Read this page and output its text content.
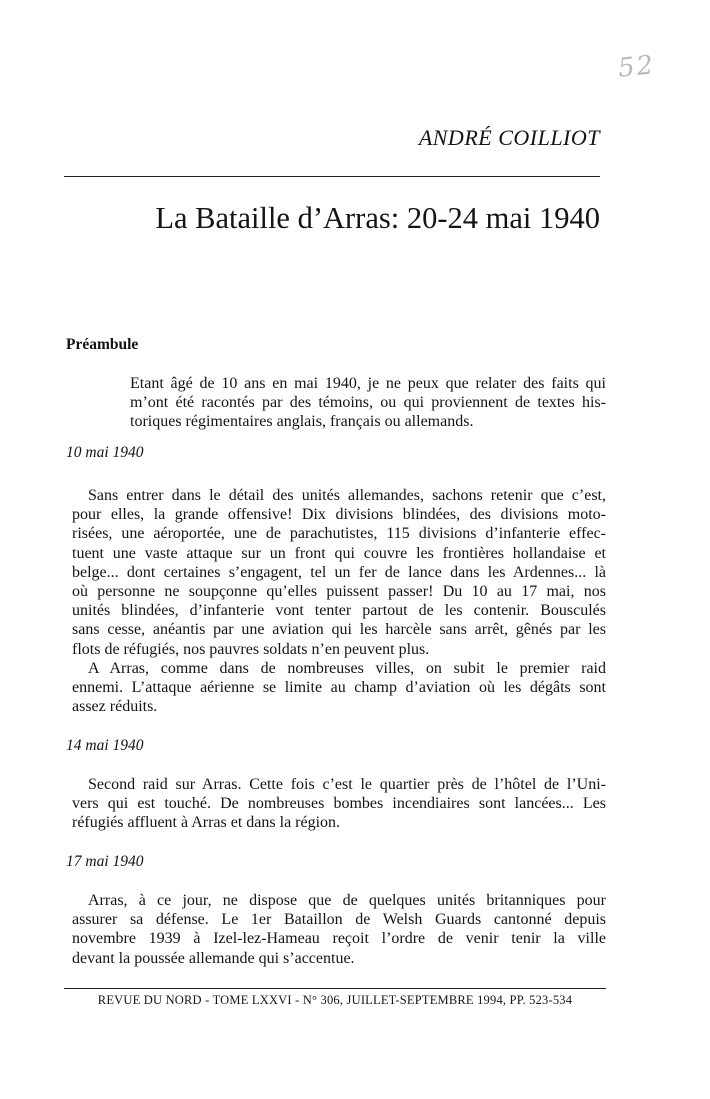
52
ANDRÉ COILLIOT
La Bataille d’Arras: 20-24 mai 1940
Préambule
Etant âgé de 10 ans en mai 1940, je ne peux que relater des faits qui
m’ont été racontés par des témoins, ou qui proviennent de textes his-
toriques régimentaires anglais, français ou allemands.
10 mai 1940
Sans entrer dans le détail des unités allemandes, sachons retenir que c’est,
pour elles, la grande offensive! Dix divisions blindées, des divisions moto-
risées, une aéroportée, une de parachutistes, 115 divisions d’infanterie effec-
tuent une vaste attaque sur un front qui couvre les frontières hollandaise et
belge... dont certaines s’engagent, tel un fer de lance dans les Ardennes... là
où personne ne soupçonne qu’elles puissent passer! Du 10 au 17 mai, nos
unités blindées, d’infanterie vont tenter partout de les contenir. Bousculés
sans cesse, anéantis par une aviation qui les harcèle sans arrêt, gênés par les
flots de réfugiés, nos pauvres soldats n’en peuvent plus.
A Arras, comme dans de nombreuses villes, on subit le premier raid
ennemi. L’attaque aérienne se limite au champ d’aviation où les dégâts sont
assez réduits.
14 mai 1940
Second raid sur Arras. Cette fois c’est le quartier près de l’hôtel de l’Uni-
vers qui est touché. De nombreuses bombes incendiaires sont lancées... Les
réfugiés affluent à Arras et dans la région.
17 mai 1940
Arras, à ce jour, ne dispose que de quelques unités britanniques pour
assurer sa défense. Le 1er Bataillon de Welsh Guards cantonné depuis
novembre 1939 à Izel-lez-Hameau reçoit l’ordre de venir tenir la ville
devant la poussée allemande qui s’accentue.
REVUE DU NORD - TOME LXXVI - N° 306, JUILLET-SEPTEMBRE 1994, PP. 523-534
